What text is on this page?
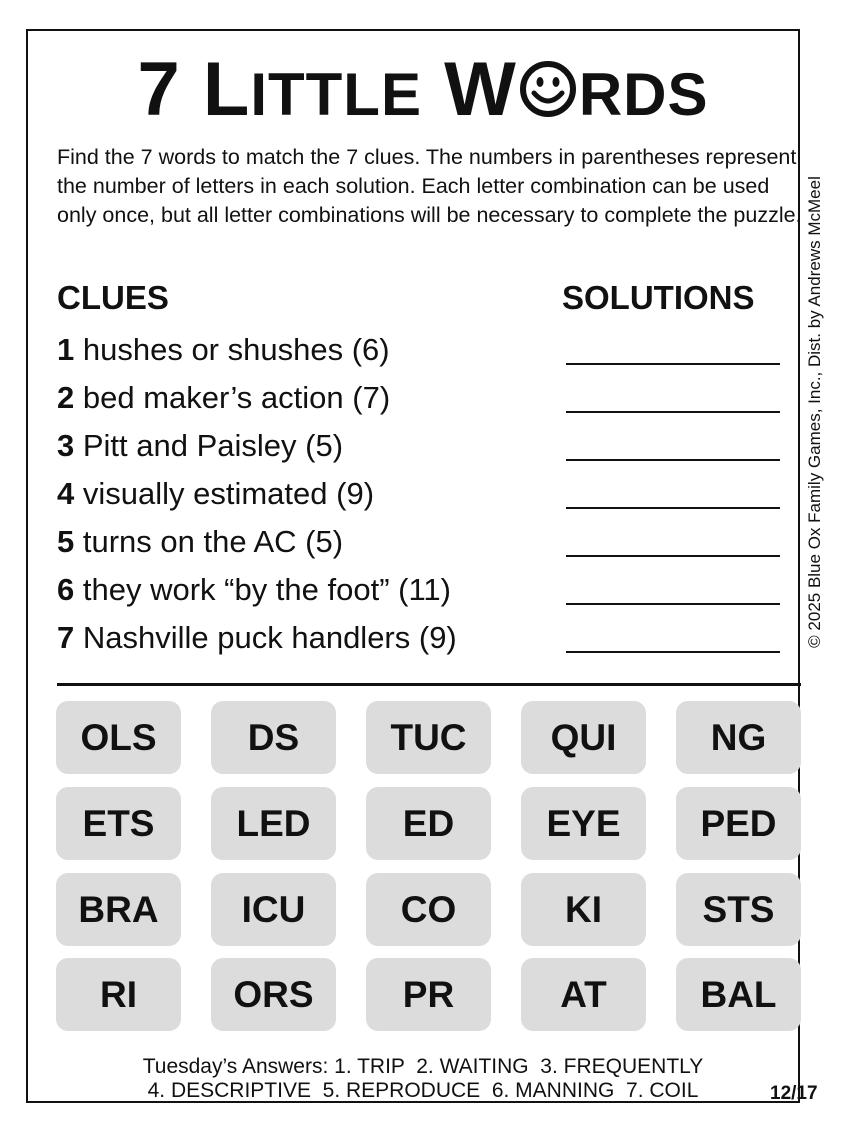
7 LITTLE W RDS
Find the 7 words to match the 7 clues. The numbers in parentheses represent the number of letters in each solution. Each letter combination can be used only once, but all letter combinations will be necessary to complete the puzzle. © 2025 Blue Ox Family Games, Inc., Dist. by Andrews McMeel
CLUES	SOLUTIONS
1 hushes or shushes (6)
2 bed maker’s action (7)
3 Pitt and Paisley (5)
4 visually estimated (9)
5 turns on the AC (5)
6 they work “by the foot” (11)
7 Nashville puck handlers (9)
OLS	DS	TUC	QUI	NG
ETS	LED	ED	EYE	PED
BRA	ICU	CO	KI	STS
RI	ORS	PR	AT	BAL
Tuesday’s Answers: 1. TRIP  2. WAITING  3. FREQUENTLY
4. DESCRIPTIVE  5. REPRODUCE  6. MANNING  7. COIL	12/17
